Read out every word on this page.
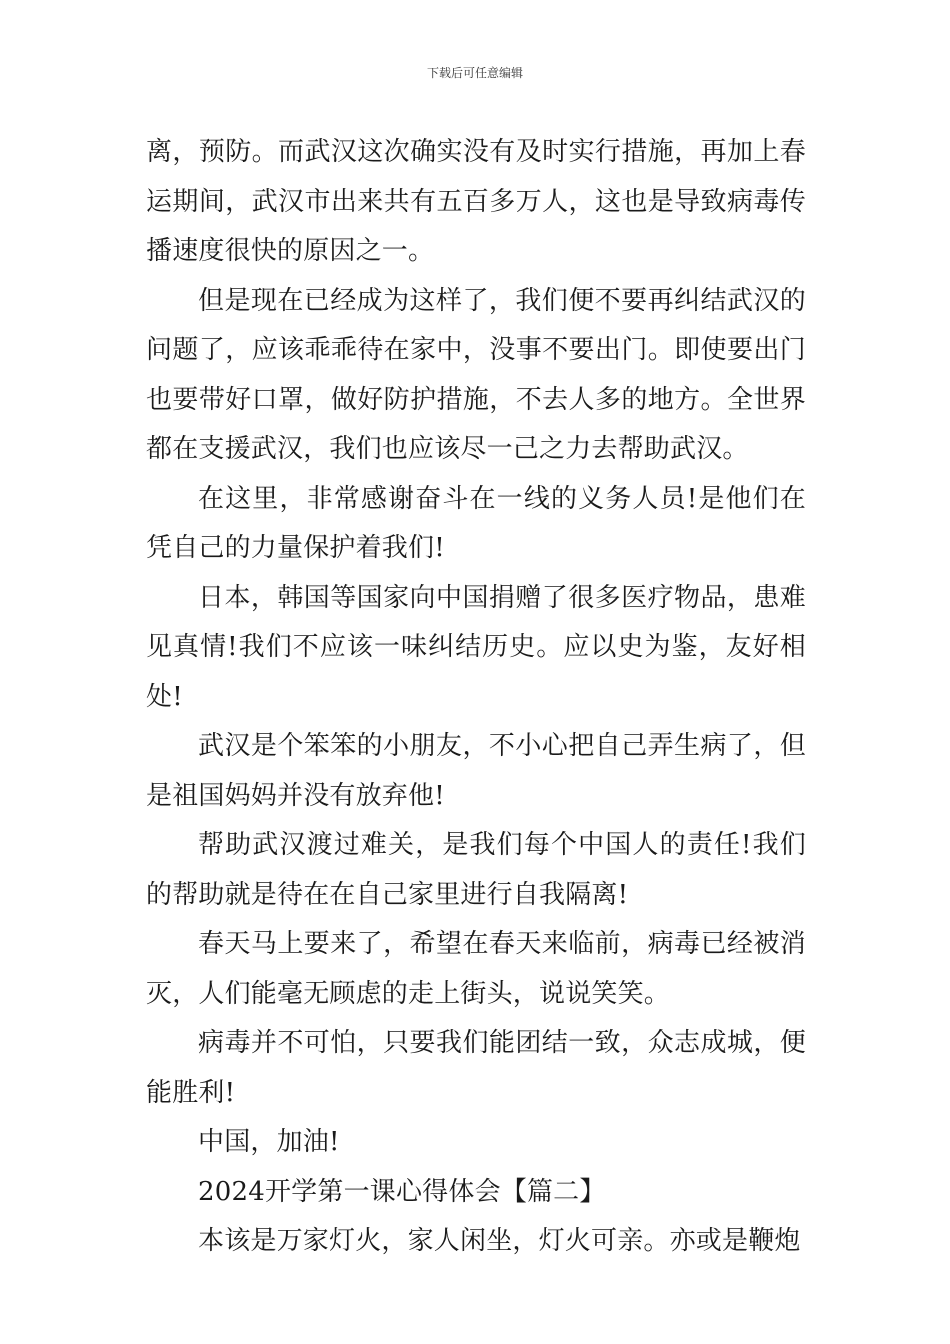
下载后可任意编辑

离，预防。而武汉这次确实没有及时实行措施，再加上春运期间，武汉市出来共有五百多万人，这也是导致病毒传播速度很快的原因之一。

但是现在已经成为这样了，我们便不要再纠结武汉的问题了，应该乖乖待在家中，没事不要出门。即使要出门也要带好口罩，做好防护措施，不去人多的地方。全世界都在支援武汉，我们也应该尽一己之力去帮助武汉。

在这里，非常感谢奋斗在一线的义务人员!是他们在凭自己的力量保护着我们!

日本，韩国等国家向中国捐赠了很多医疗物品，患难见真情!我们不应该一味纠结历史。应以史为鉴，友好相处!

武汉是个笨笨的小朋友，不小心把自己弄生病了，但是祖国妈妈并没有放弃他!

帮助武汉渡过难关，是我们每个中国人的责任!我们的帮助就是待在在自己家里进行自我隔离!

春天马上要来了，希望在春天来临前，病毒已经被消灭，人们能毫无顾虑的走上街头，说说笑笑。

病毒并不可怕，只要我们能团结一致，众志成城，便能胜利!

中国，加油!

2024开学第一课心得体会【篇二】

本该是万家灯火，家人闲坐，灯火可亲。亦或是鞭炮
